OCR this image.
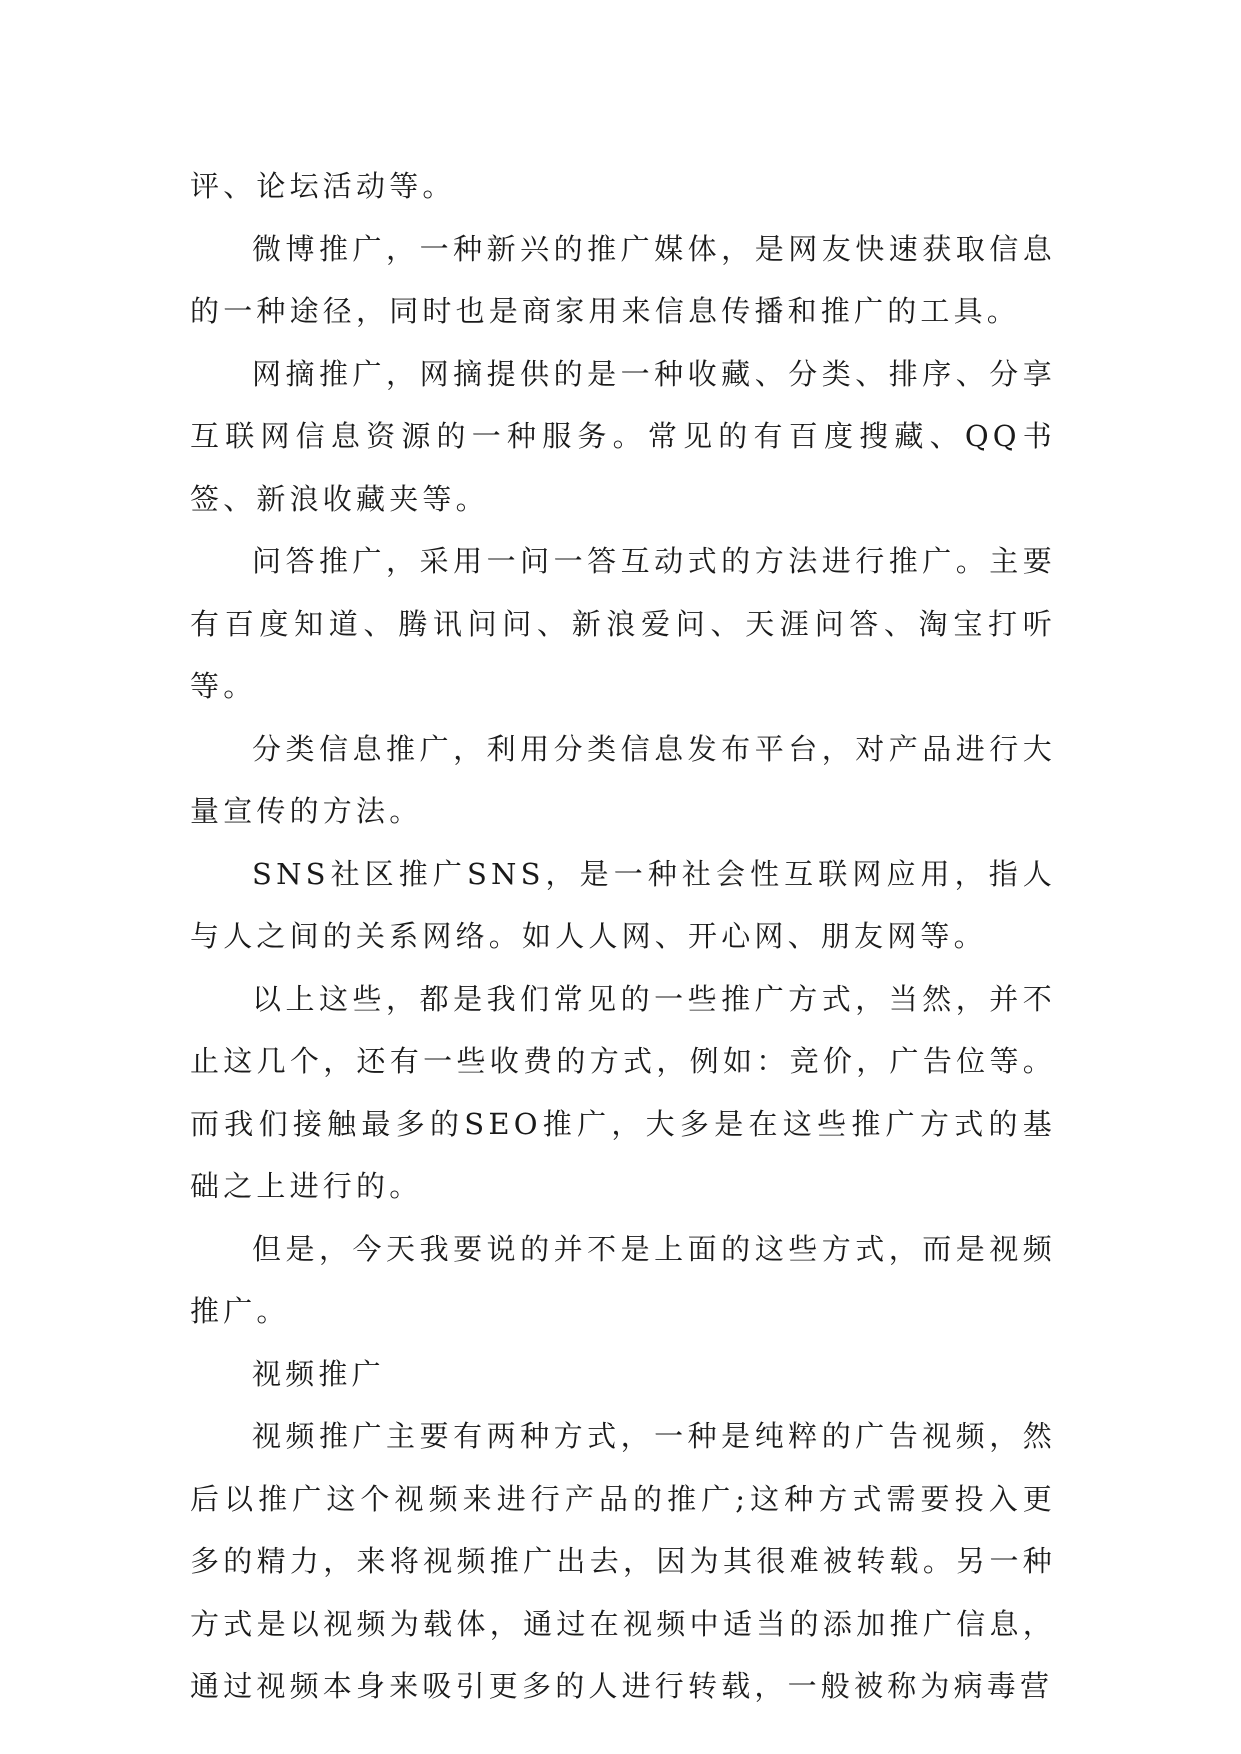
评、论坛活动等。

微博推广，一种新兴的推广媒体，是网友快速获取信息的一种途径，同时也是商家用来信息传播和推广的工具。

网摘推广，网摘提供的是一种收藏、分类、排序、分享互联网信息资源的一种服务。常见的有百度搜藏、QQ书签、新浪收藏夹等。

问答推广，采用一问一答互动式的方法进行推广。主要有百度知道、腾讯问问、新浪爱问、天涯问答、淘宝打听等。

分类信息推广，利用分类信息发布平台，对产品进行大量宣传的方法。

SNS社区推广SNS，是一种社会性互联网应用，指人与人之间的关系网络。如人人网、开心网、朋友网等。

以上这些，都是我们常见的一些推广方式，当然，并不止这几个，还有一些收费的方式，例如：竞价，广告位等。而我们接触最多的SEO推广，大多是在这些推广方式的基础之上进行的。

但是，今天我要说的并不是上面的这些方式，而是视频推广。

视频推广

视频推广主要有两种方式，一种是纯粹的广告视频，然后以推广这个视频来进行产品的推广;这种方式需要投入更多的精力，来将视频推广出去，因为其很难被转载。另一种方式是以视频为载体，通过在视频中适当的添加推广信息，通过视频本身来吸引更多的人进行转载，一般被称为病毒营
